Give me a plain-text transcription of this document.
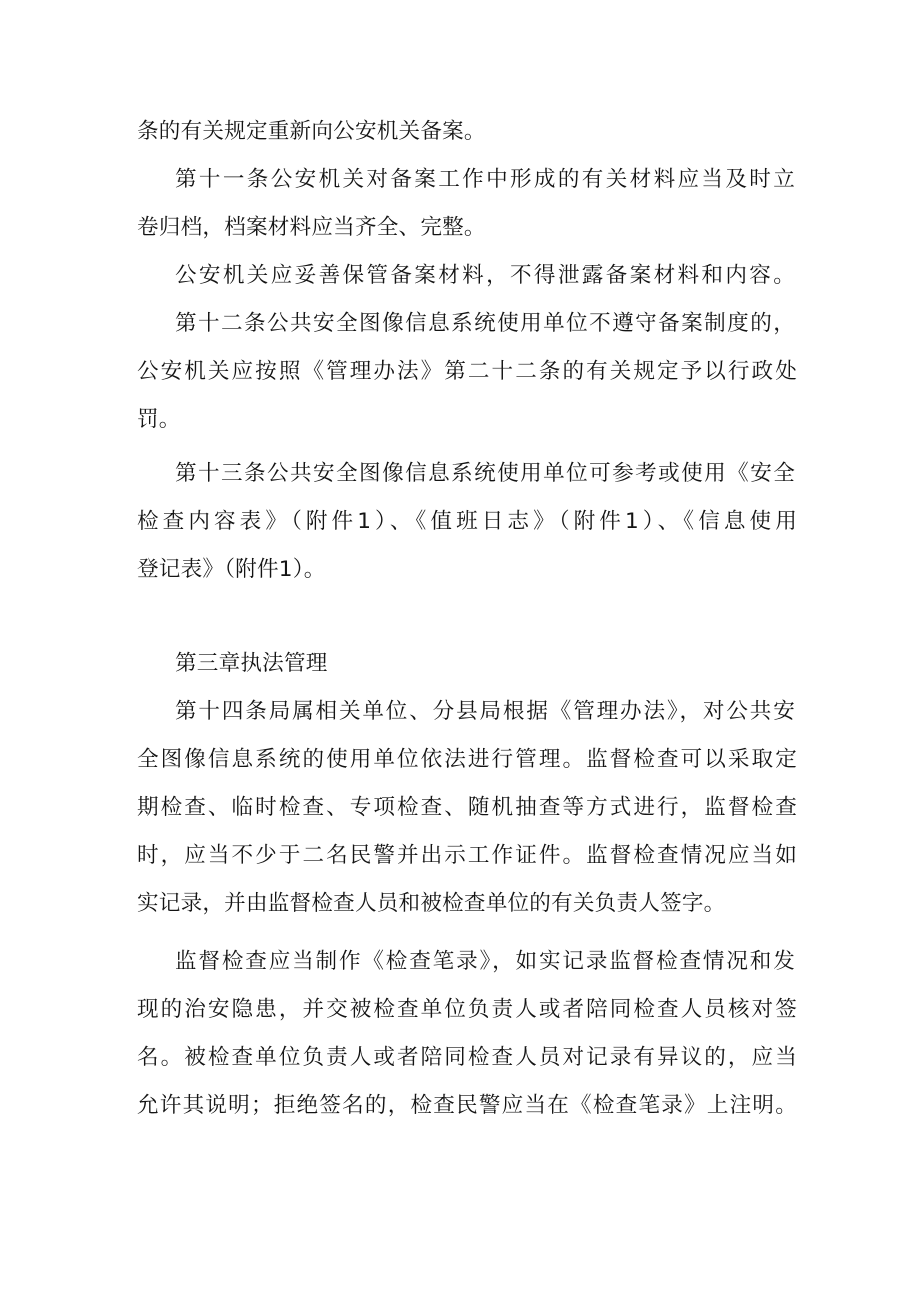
条的有关规定重新向公安机关备案。
第十一条公安机关对备案工作中形成的有关材料应当及时立
卷归档，档案材料应当齐全、完整。
公安机关应妥善保管备案材料，不得泄露备案材料和内容。
第十二条公共安全图像信息系统使用单位不遵守备案制度的，
公安机关应按照《管理办法》第二十二条的有关规定予以行政处
罚。
第十三条公共安全图像信息系统使用单位可参考或使用《安全
检查内容表》（附件1）、《值班日志》（附件1）、《信息使用
登记表》（附件1）。
第三章执法管理
第十四条局属相关单位、分县局根据《管理办法》，对公共安
全图像信息系统的使用单位依法进行管理。监督检查可以采取定
期检查、临时检查、专项检查、随机抽查等方式进行，监督检查
时，应当不少于二名民警并出示工作证件。监督检查情况应当如
实记录，并由监督检查人员和被检查单位的有关负责人签字。
监督检查应当制作《检查笔录》，如实记录监督检查情况和发
现的治安隐患，并交被检查单位负责人或者陪同检查人员核对签
名。被检查单位负责人或者陪同检查人员对记录有异议的，应当
允许其说明；拒绝签名的，检查民警应当在《检查笔录》上注明。
